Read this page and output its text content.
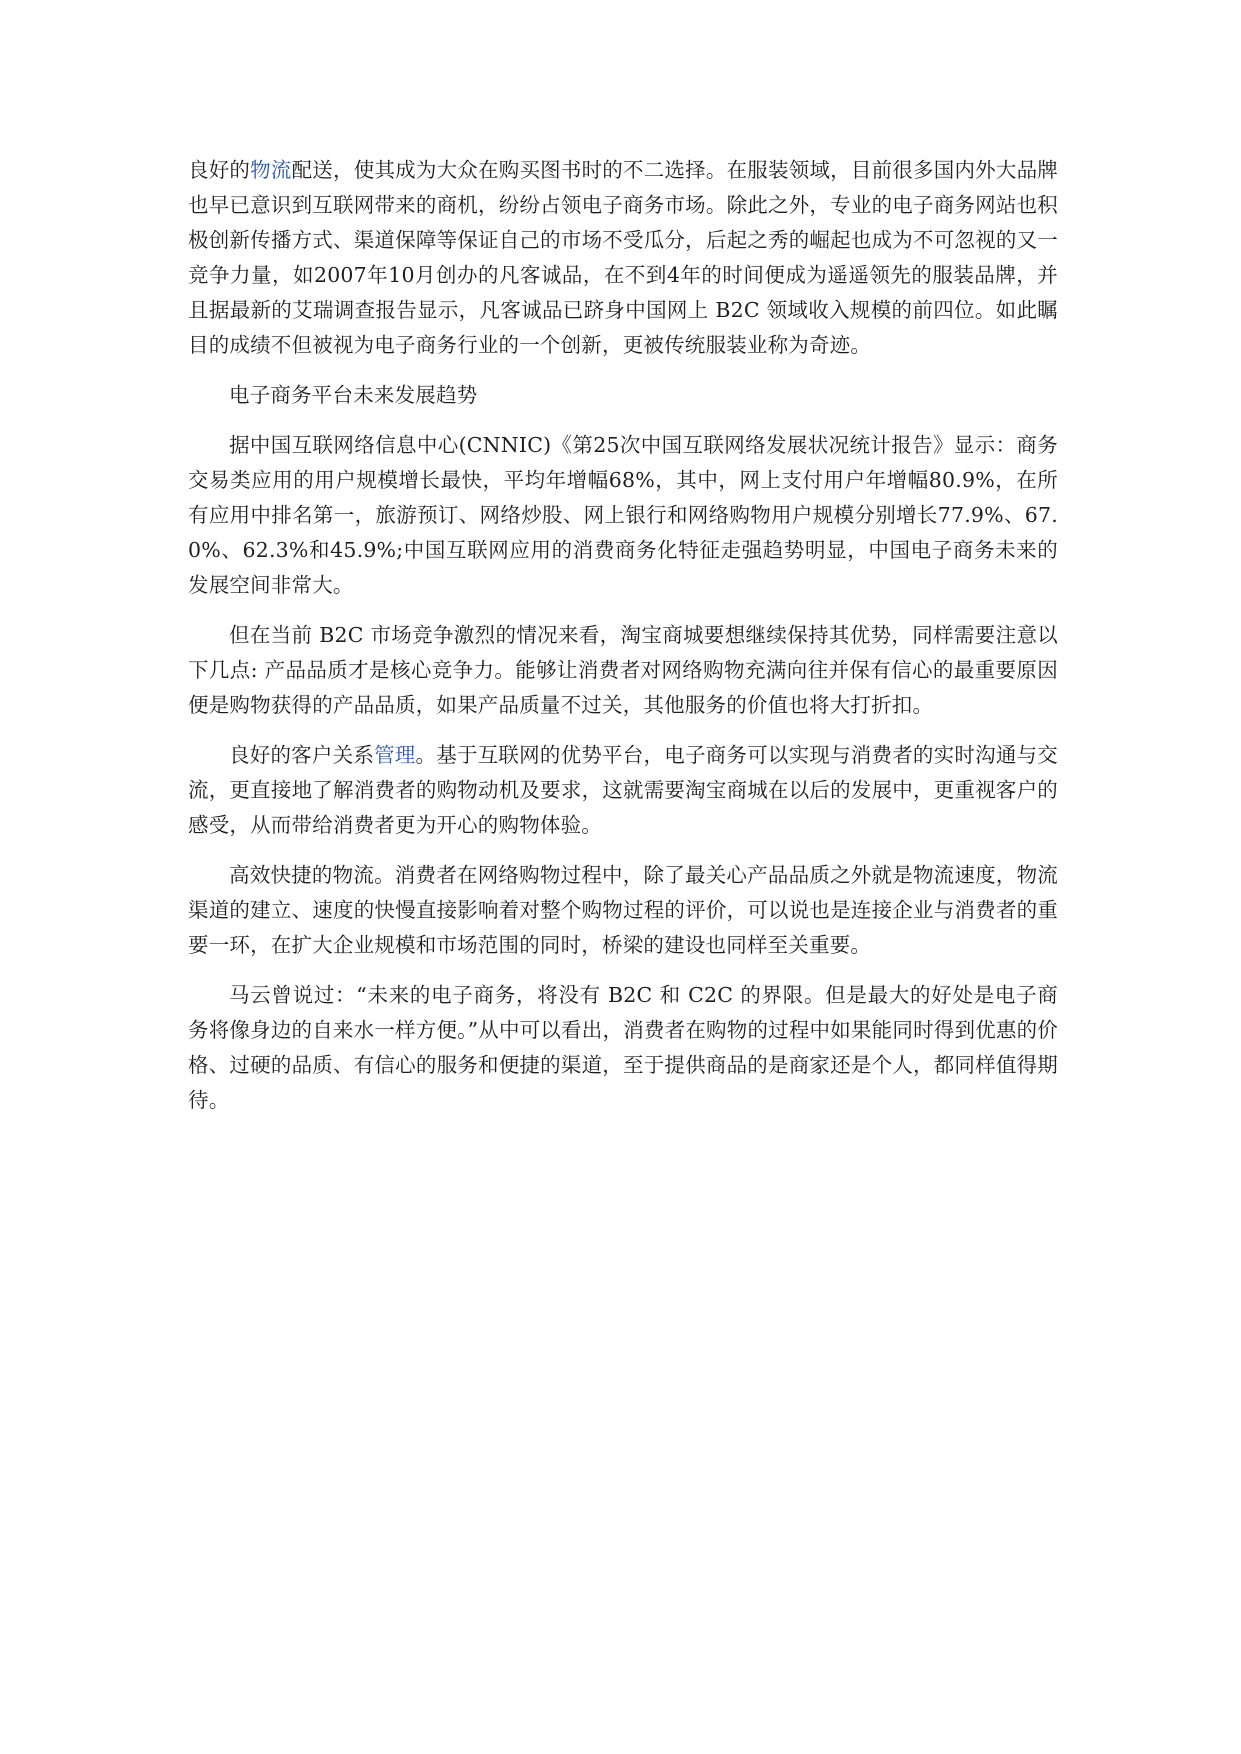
良好的物流配送，使其成为大众在购买图书时的不二选择。在服装领域，目前很多国内外大品牌也早已意识到互联网带来的商机，纷纷占领电子商务市场。除此之外，专业的电子商务网站也积极创新传播方式、渠道保障等保证自己的市场不受瓜分，后起之秀的崛起也成为不可忽视的又一竞争力量，如2007年10月创办的凡客诚品，在不到4年的时间便成为遥遥领先的服装品牌，并且据最新的艾瑞调查报告显示，凡客诚品已跻身中国网上 B2C 领域收入规模的前四位。如此瞩目的成绩不但被视为电子商务行业的一个创新，更被传统服装业称为奇迹。

电子商务平台未来发展趋势

据中国互联网络信息中心(CNNIC)《第25次中国互联网络发展状况统计报告》显示：商务交易类应用的用户规模增长最快，平均年增幅68%，其中，网上支付用户年增幅80.9%，在所有应用中排名第一，旅游预订、网络炒股、网上银行和网络购物用户规模分别增长77.9%、67.0%、62.3%和45.9%;中国互联网应用的消费商务化特征走强趋势明显，中国电子商务未来的发展空间非常大。

但在当前 B2C 市场竞争激烈的情况来看，淘宝商城要想继续保持其优势，同样需要注意以下几点: 产品品质才是核心竞争力。能够让消费者对网络购物充满向往并保有信心的最重要原因便是购物获得的产品品质，如果产品质量不过关，其他服务的价值也将大打折扣。

良好的客户关系管理。基于互联网的优势平台，电子商务可以实现与消费者的实时沟通与交流，更直接地了解消费者的购物动机及要求，这就需要淘宝商城在以后的发展中，更重视客户的感受，从而带给消费者更为开心的购物体验。

高效快捷的物流。消费者在网络购物过程中，除了最关心产品品质之外就是物流速度，物流渠道的建立、速度的快慢直接影响着对整个购物过程的评价，可以说也是连接企业与消费者的重要一环，在扩大企业规模和市场范围的同时，桥梁的建设也同样至关重要。

马云曾说过：“未来的电子商务，将没有 B2C 和 C2C 的界限。但是最大的好处是电子商务将像身边的自来水一样方便。”从中可以看出，消费者在购物的过程中如果能同时得到优惠的价格、过硬的品质、有信心的服务和便捷的渠道，至于提供商品的是商家还是个人，都同样值得期待。
